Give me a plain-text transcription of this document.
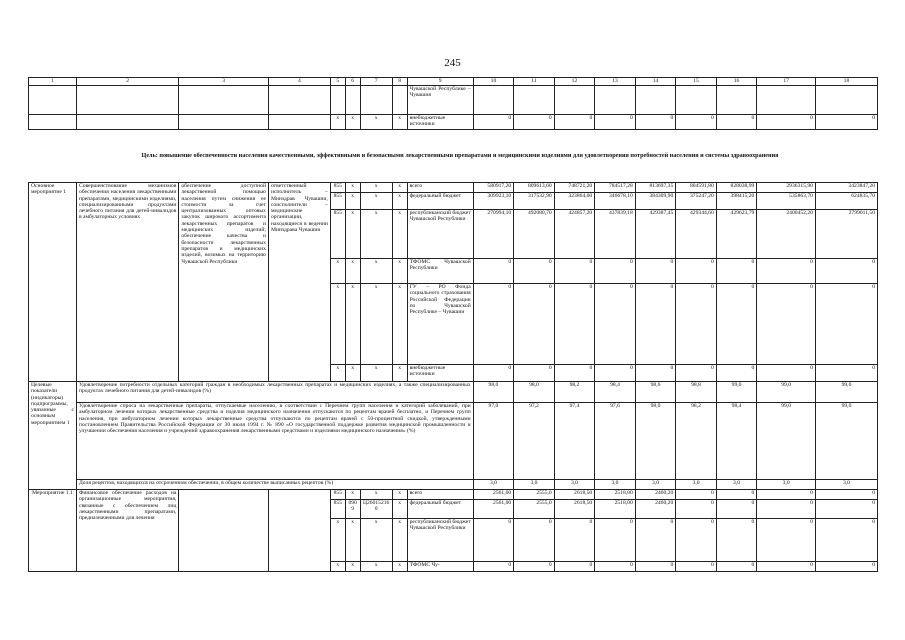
245
1	2	3	4	5	6	7	8	9	10	11	12	13	14	15	16	17	18
								Чувашской Республике – Чувашия									
				x	x	x	x	внебюджетные источники	0	0	0	0	0	0	0	0	0
Цель: повышение обеспеченности населения качественными, эффективными и безопасными лекарственными препаратами и медицинскими изделиями для удовлетворения потребностей населения и системы здравоохранения
Основное мероприятие 1	Совершенствование механизмов обеспечения населения лекарственными препаратами, медицинскими изделиями, специализированными продуктами лечебного питания для детей-инвалидов в амбулаторных условиях	обеспечение доступной лекарственной помощью населения путем снижения ее стоимости за счет централизованных оптовых закупок широкого ассортимента лекарственных препаратов и медицинских изделий; обеспечение качества и безопасности лекарственных препаратов и медицинских изделий, возимых на территорию Чувашской Республики	ответственный исполнитель – Минздрав Чувашии, соисполнители – медицинские организации, находящиеся в ведении Минздрава Чувашии	855	x	x	x	всего	580917,20	809613,60	748721,20	784517,28	813697,35	804591,80	828038,99	2936315,90	3423847,20
				855	x	x	x	федеральный бюджет	309923,10	317532,90	323864,00	346678,10	384309,90	375247,20	398415,20	535863,70	624835,70
				855	x	x	x	республиканский бюджет Чувашской Республики	270994,10	492080,70	424857,20	437839,18	429387,45	429344,60	429623,79	2400452,20	2799011,50
				x	x	x	x	ТФОМС Чувашской Республики	0	0	0	0	0	0	0	0	0
				x	x	x	x	ГУ – РО Фонда социального страхования Российской Федерации по Чувашской Республике – Чувашии	0	0	0	0	0	0	0	0	0
				x	x	x	x	внебюджетные источники	0	0	0	0	0	0	0	0	0
Целевые показатели (индикаторы) подпрограммы, увязанные с основным мероприятием 1	Удовлетворение потребности отдельных категорий граждан в необходимых лекарственных препаратах и медицинских изделиях, а также специализированных продуктах лечебного питания для детей-инвалидов (%)								98,0	98,0	98,2	98,4	98,6	98,8	99,0	99,0	99,0
	Удовлетворение спроса на лекарственные препараты, отпускаемые населению, в соответствии с Перечнем групп населения и категорий заболеваний, при амбулаторном лечении которых лекарственные средства и изделия медицинского назначения отпускаются по рецептам врачей бесплатно, и Перечнем групп населения, при амбулаторном лечении которых лекарственные средства отпускаются по рецептам врачей с 50-процентной скидкой, утвержденными постановлением Правительства Российской Федерации от 30 июля 1994 г. № 890 «О государственной поддержке развития медицинской промышленности и улучшении обеспечения населения и учреждений здравоохранения лекарственными средствами и изделиями медицинского назначения» (%)								97,0	97,2	97,4	97,6	98,0	98,2	98,4	99,0	99,0
	Доля рецептов, находящихся на отсроченном обеспечении, в общем количестве выписанных рецептов (%)								3,0	3,0	3,0	3,0	3,0	3,0	3,0	3,0	3,0
Мероприятие 1.1	Финансовое обеспечение расходов на организационные мероприятия, связанные с обеспечением лиц лекарственными препаратами, предназначенными для лечения			855	x	x	x	всего	2561,00	2555,0	2618,50	2518,00	2460,20	0	0	0	0
				855	0909	Ц260152160	x	федеральный бюджет	2561,00	2555,0	2618,50	2518,00	2460,20	0	0	0	0
				x	x	x	x	республиканский бюджет Чувашской Республики	0	0	0	0	0	0	0	0	0
				x	x	x	x	ТФОМС Чу-	0	0	0	0	0	0	0	0	0
